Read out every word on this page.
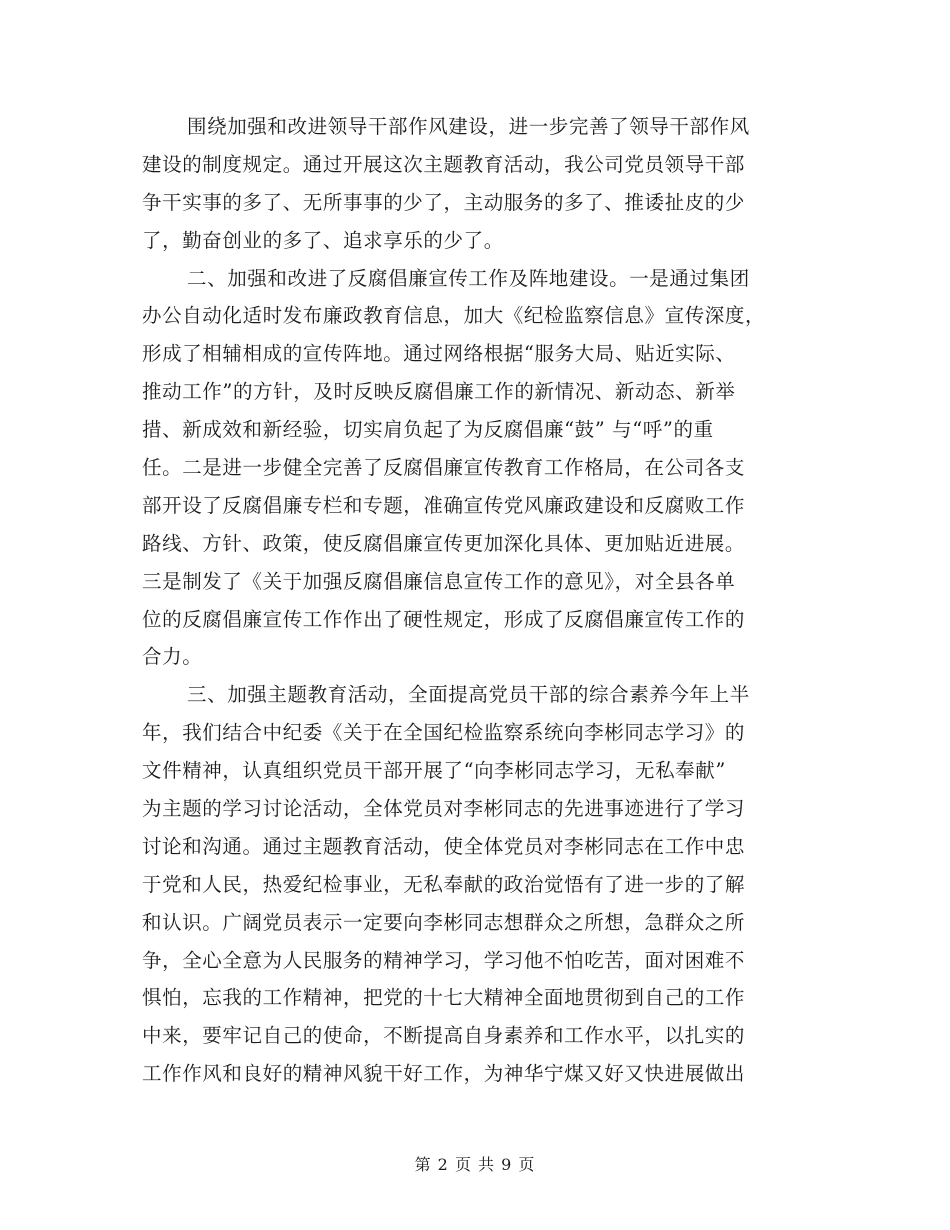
围绕加强和改进领导干部作风建设，进一步完善了领导干部作风
建设的制度规定。通过开展这次主题教育活动，我公司党员领导干部
争干实事的多了、无所事事的少了，主动服务的多了、推诿扯皮的少
了，勤奋创业的多了、追求享乐的少了。
二、加强和改进了反腐倡廉宣传工作及阵地建设。一是通过集团
办公自动化适时发布廉政教育信息，加大《纪检监察信息》宣传深度，
形成了相辅相成的宣传阵地。通过网络根据“服务大局、贴近实际、
推动工作”的方针，及时反映反腐倡廉工作的新情况、新动态、新举
措、新成效和新经验，切实肩负起了为反腐倡廉“鼓” 与“呼”的重
任。二是进一步健全完善了反腐倡廉宣传教育工作格局，在公司各支
部开设了反腐倡廉专栏和专题，准确宣传党风廉政建设和反腐败工作
路线、方针、政策，使反腐倡廉宣传更加深化具体、更加贴近进展。
三是制发了《关于加强反腐倡廉信息宣传工作的意见》，对全县各单
位的反腐倡廉宣传工作作出了硬性规定，形成了反腐倡廉宣传工作的
合力。
三、加强主题教育活动，全面提高党员干部的综合素养今年上半
年，我们结合中纪委《关于在全国纪检监察系统向李彬同志学习》的
文件精神，认真组织党员干部开展了“向李彬同志学习，无私奉献”
为主题的学习讨论活动，全体党员对李彬同志的先进事迹进行了学习
讨论和沟通。通过主题教育活动，使全体党员对李彬同志在工作中忠
于党和人民，热爱纪检事业，无私奉献的政治觉悟有了进一步的了解
和认识。广阔党员表示一定要向李彬同志想群众之所想，急群众之所
争，全心全意为人民服务的精神学习，学习他不怕吃苦，面对困难不
惧怕，忘我的工作精神，把党的十七大精神全面地贯彻到自己的工作
中来，要牢记自己的使命，不断提高自身素养和工作水平，以扎实的
工作作风和良好的精神风貌干好工作，为神华宁煤又好又快进展做出
第 2 页 共 9 页
